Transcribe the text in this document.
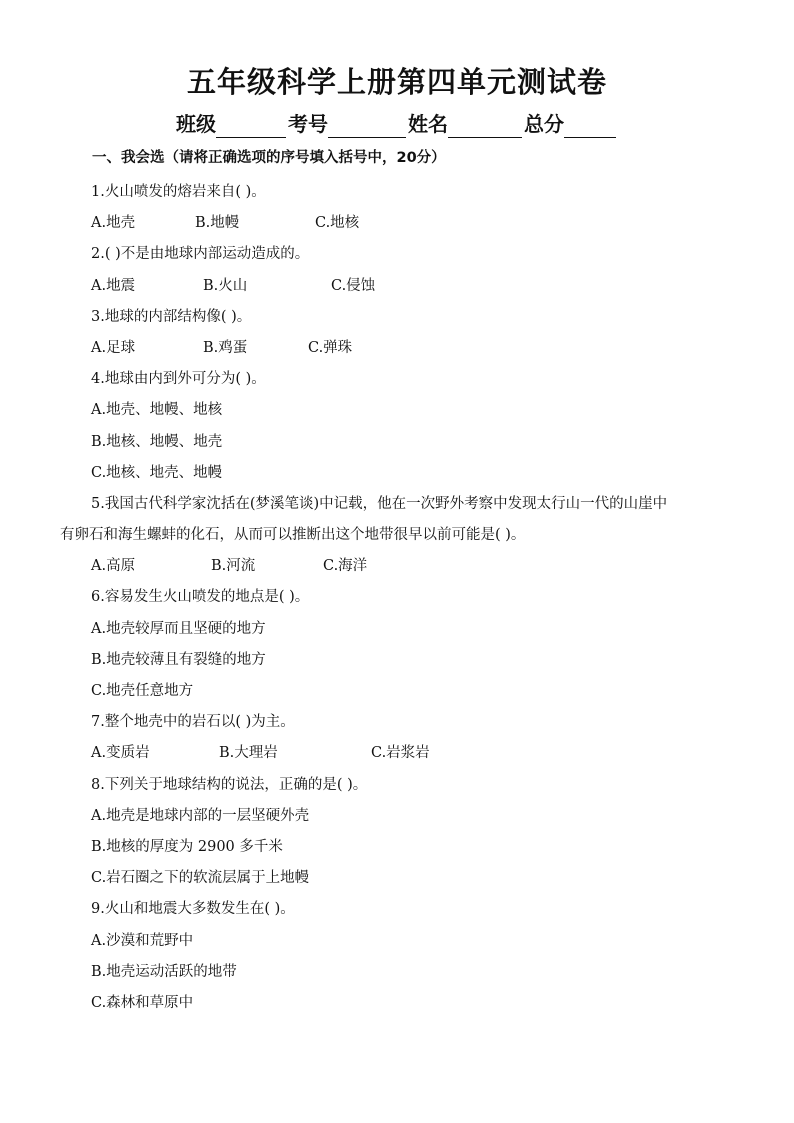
五年级科学上册第四单元测试卷
班级	考号	姓名	总分
一、我会选（请将正确选项的序号填入括号中，20分）
1.火山喷发的熔岩来自( )。
A.地壳	B.地幔	C.地核
2.( )不是由地球内部运动造成的。
A.地震	B.火山	C.侵蚀
3.地球的内部结构像( )。
A.足球	B.鸡蛋	C.弹珠
4.地球由内到外可分为( )。
A.地壳、地幔、地核
B.地核、地幔、地壳
C.地核、地壳、地幔
5.我国古代科学家沈括在(梦溪笔谈)中记载，他在一次野外考察中发现太行山一代的山崖中
有卵石和海生螺蚌的化石，从而可以推断出这个地带很早以前可能是( )。
A.高原	B.河流	C.海洋
6.容易发生火山喷发的地点是( )。
A.地壳较厚而且坚硬的地方
B.地壳较薄且有裂缝的地方
C.地壳任意地方
7.整个地壳中的岩石以( )为主。
A.变质岩	B.大理岩	C.岩浆岩
8.下列关于地球结构的说法，正确的是( )。
A.地壳是地球内部的一层坚硬外壳
B.地核的厚度为 2900 多千米
C.岩石圈之下的软流层属于上地幔
9.火山和地震大多数发生在( )。
A.沙漠和荒野中
B.地壳运动活跃的地带
C.森林和草原中
